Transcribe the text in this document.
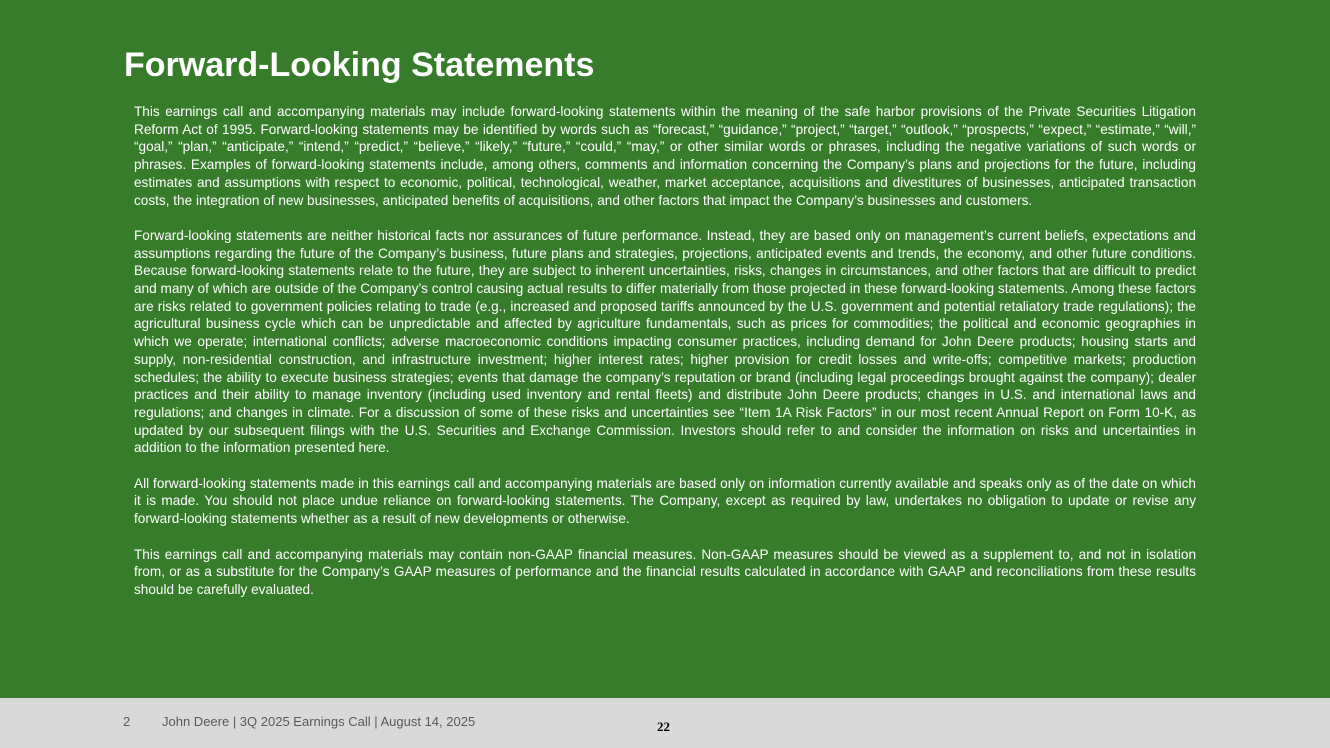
Forward-Looking Statements

This earnings call and accompanying materials may include forward-looking statements within the meaning of the safe harbor provisions of the Private Securities Litigation Reform Act of 1995. Forward-looking statements may be identified by words such as “forecast,” “guidance,” “project,” “target,” “outlook,” “prospects,” “expect,” “estimate,” “will,” “goal,” “plan,” “anticipate,” “intend,” “predict,” “believe,” “likely,” “future,” “could,” “may,” or other similar words or phrases, including the negative variations of such words or phrases. Examples of forward-looking statements include, among others, comments and information concerning the Company’s plans and projections for the future, including estimates and assumptions with respect to economic, political, technological, weather, market acceptance, acquisitions and divestitures of businesses, anticipated transaction costs, the integration of new businesses, anticipated benefits of acquisitions, and other factors that impact the Company’s businesses and customers.

Forward-looking statements are neither historical facts nor assurances of future performance. Instead, they are based only on management’s current beliefs, expectations and assumptions regarding the future of the Company’s business, future plans and strategies, projections, anticipated events and trends, the economy, and other future conditions. Because forward-looking statements relate to the future, they are subject to inherent uncertainties, risks, changes in circumstances, and other factors that are difficult to predict and many of which are outside of the Company’s control causing actual results to differ materially from those projected in these forward-looking statements. Among these factors are risks related to government policies relating to trade (e.g., increased and proposed tariffs announced by the U.S. government and potential retaliatory trade regulations); the agricultural business cycle which can be unpredictable and affected by agriculture fundamentals, such as prices for commodities; the political and economic geographies in which we operate; international conflicts; adverse macroeconomic conditions impacting consumer practices, including demand for John Deere products; housing starts and supply, non-residential construction, and infrastructure investment; higher interest rates; higher provision for credit losses and write-offs; competitive markets; production schedules; the ability to execute business strategies; events that damage the company’s reputation or brand (including legal proceedings brought against the company); dealer practices and their ability to manage inventory (including used inventory and rental fleets) and distribute John Deere products; changes in U.S. and international laws and regulations; and changes in climate. For a discussion of some of these risks and uncertainties see “Item 1A Risk Factors” in our most recent Annual Report on Form 10-K, as updated by our subsequent filings with the U.S. Securities and Exchange Commission. Investors should refer to and consider the information on risks and uncertainties in addition to the information presented here.

All forward-looking statements made in this earnings call and accompanying materials are based only on information currently available and speaks only as of the date on which it is made. You should not place undue reliance on forward-looking statements. The Company, except as required by law, undertakes no obligation to update or revise any forward-looking statements whether as a result of new developments or otherwise.

This earnings call and accompanying materials may contain non-GAAP financial measures. Non-GAAP measures should be viewed as a supplement to, and not in isolation from, or as a substitute for the Company’s GAAP measures of performance and the financial results calculated in accordance with GAAP and reconciliations from these results should be carefully evaluated.

2 John Deere | 3Q 2025 Earnings Call | August 14, 2025	22
